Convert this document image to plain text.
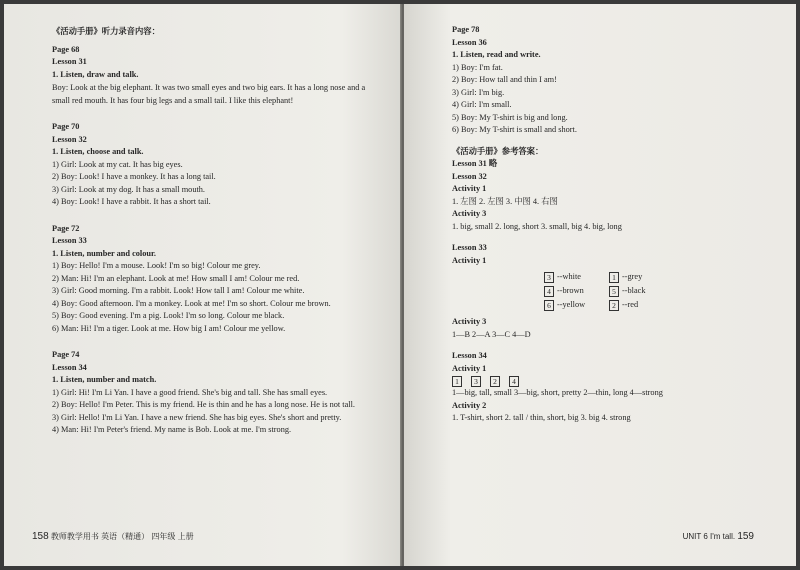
《活动手册》听力录音内容：
Page 68
Lesson 31
1. Listen, draw and talk.
Boy: Look at the big elephant. It was two small eyes and two big ears. It has a long nose and a small red mouth. It has four big legs and a small tail. I like this elephant!
Page 70
Lesson 32
1. Listen, choose and talk.
1) Girl: Look at my cat. It has big eyes.
2) Boy: Look! I have a monkey. It has a long tail.
3) Girl: Look at my dog. It has a small mouth.
4) Boy: Look! I have a rabbit. It has a short tail.
Page 72
Lesson 33
1. Listen, number and colour.
1) Boy: Hello! I'm a mouse. Look! I'm so big! Colour me grey.
2) Man: Hi! I'm an elephant. Look at me! How small I am! Colour me red.
3) Girl: Good morning. I'm a rabbit. Look! How tall I am! Colour me white.
4) Boy: Good afternoon. I'm a monkey. Look at me! I'm so short. Colour me brown.
5) Boy: Good evening. I'm a pig. Look! I'm so long. Colour me black.
6) Man: Hi! I'm a tiger. Look at me. How big I am! Colour me yellow.
Page 74
Lesson 34
1. Listen, number and match.
1) Girl: Hi! I'm Li Yan. I have a good friend. She's big and tall. She has small eyes.
2) Boy: Hello! I'm Peter. This is my friend. He is thin and he has a long nose. He is not tall.
3) Girl: Hello! I'm Li Yan. I have a new friend. She has big eyes. She's short and pretty.
4) Man: Hi! I'm Peter's friend. My name is Bob. Look at me. I'm strong.
158 教师教学用书 英语（精通） 四年级 上册
Page 78
Lesson 36
1. Listen, read and write.
1) Boy: I'm fat.
2) Boy: How tall and thin I am!
3) Girl: I'm big.
4) Girl: I'm small.
5) Boy: My T-shirt is big and long.
6) Boy: My T-shirt is small and short.
《活动手册》参考答案：
Lesson 31 略
Lesson 32
Activity 1
1. 左图 2. 左图 3. 中图 4. 右图
Activity 3
1. big, small 2. long, short 3. small, big 4. big, long
Lesson 33
Activity 1
3 --white	1 --grey
4 --brown	5 --black
6 --yellow	2 --red
Activity 3
1—B 2—A 3—C 4—D
Lesson 34
Activity 1
1	3	2	4
1—big, tall, small 3—big, short, pretty 2—thin, long 4—strong
Activity 2
1. T-shirt, short 2. tall / thin, short, big 3. big 4. strong
UNIT 6 I'm tall. 159
